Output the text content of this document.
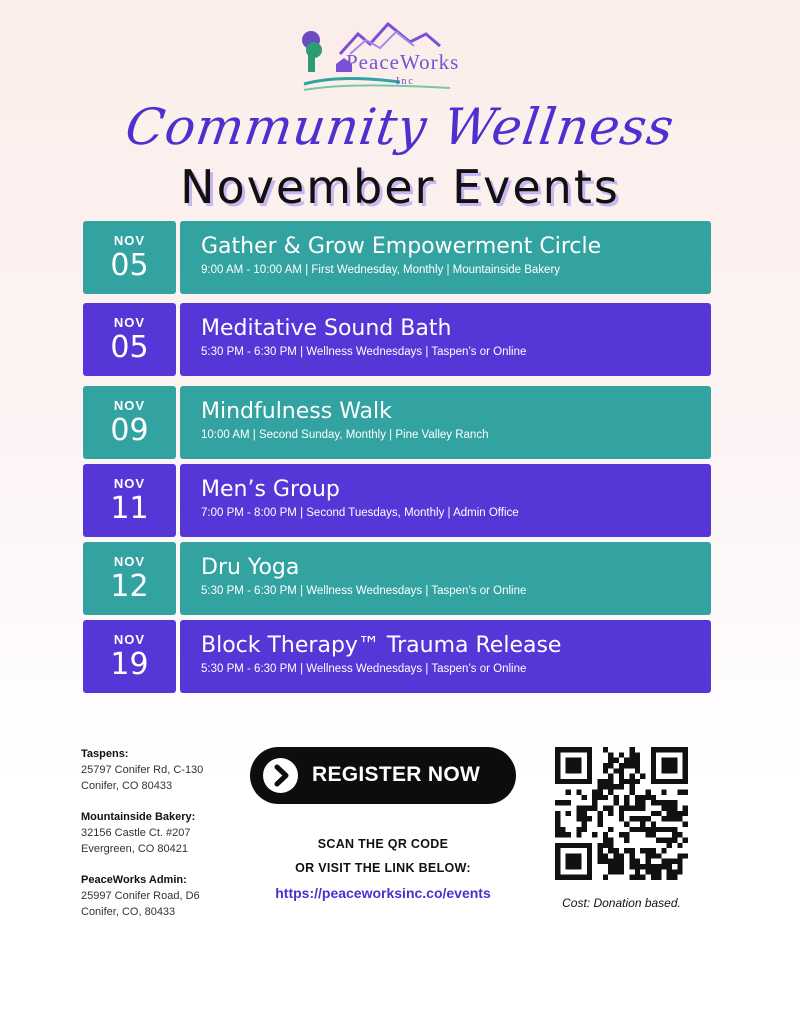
PeaceWorks
Inc
Community Wellness
November Events
NOV
05
Gather & Grow Empowerment Circle
9:00 AM - 10:00 AM | First Wednesday, Monthly | Mountainside Bakery
NOV
05
Meditative Sound Bath
5:30 PM - 6:30 PM | Wellness Wednesdays | Taspen’s or Online
NOV
09
Mindfulness Walk
10:00 AM | Second Sunday, Monthly | Pine Valley Ranch
NOV
11
Men’s Group
7:00 PM - 8:00 PM | Second Tuesdays, Monthly | Admin Office
NOV
12
Dru Yoga
5:30 PM - 6:30 PM | Wellness Wednesdays | Taspen’s or Online
NOV
19
Block Therapy™ Trauma Release
5:30 PM - 6:30 PM | Wellness Wednesdays | Taspen’s or Online
Taspens:
25797 Conifer Rd, C-130
Conifer, CO 80433
Mountainside Bakery:
32156 Castle Ct. #207
Evergreen, CO 80421
PeaceWorks Admin:
25997 Conifer Road, D6
Conifer, CO, 80433
REGISTER NOW
SCAN THE QR CODE
OR VISIT THE LINK BELOW:
https://peaceworksinc.co/events
Cost: Donation based.
